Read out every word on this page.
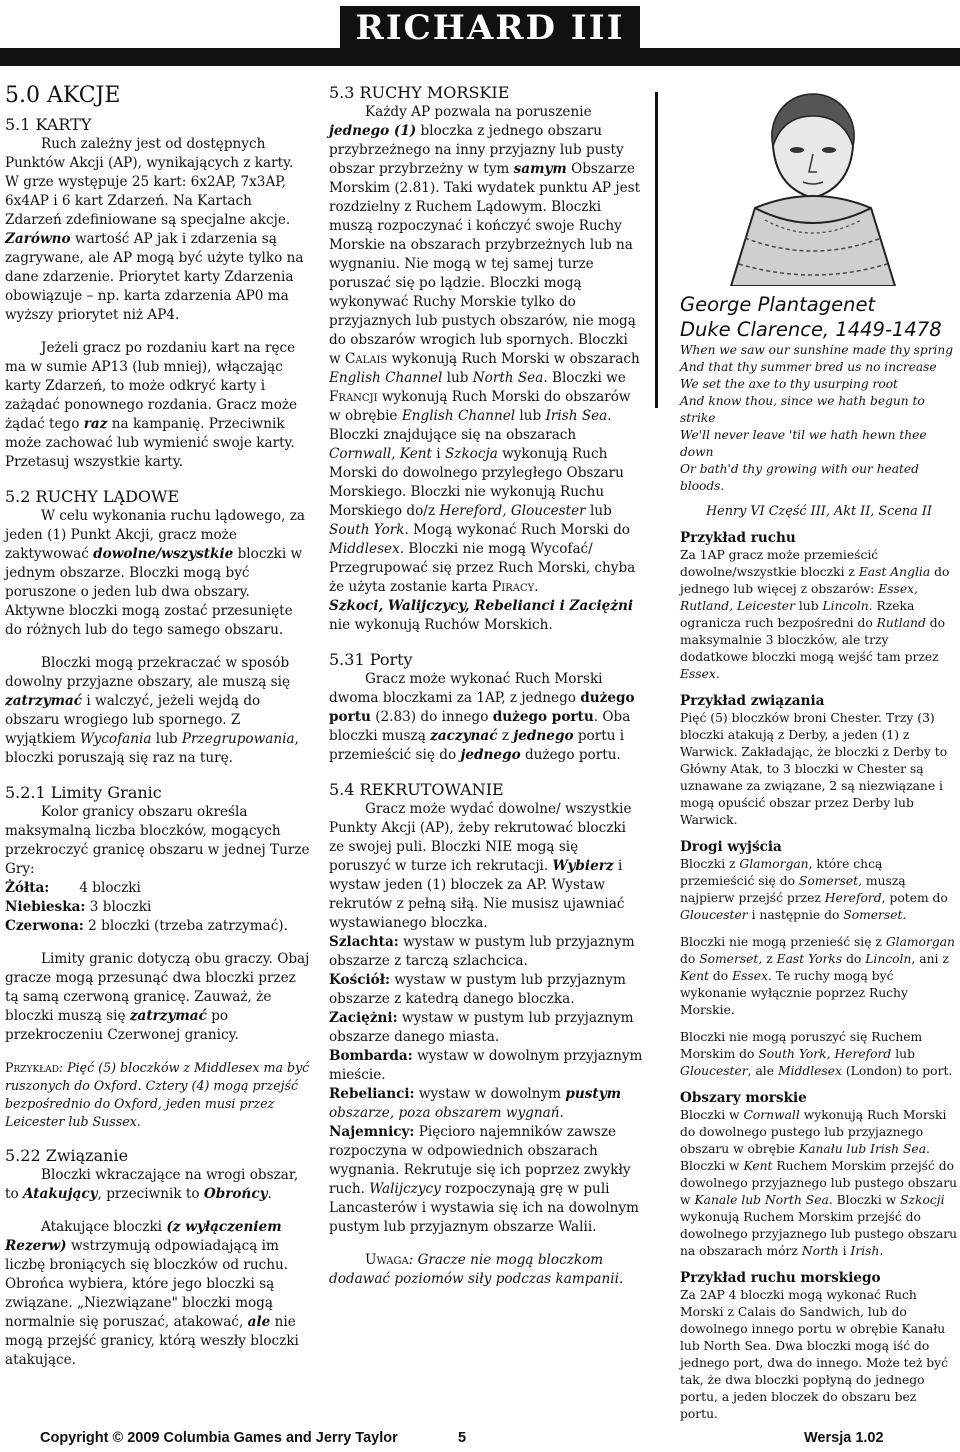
RICHARD III
5.0 AKCJE
5.1 KARTY

Ruch zależny jest od dostępnych Punktów Akcji (AP), wynikających z karty. W grze występuje 25 kart: 6x2AP, 7x3AP, 6x4AP i 6 kart Zdarzeń. Na Kartach Zdarzeń zdefiniowane są specjalne akcje. Zarówno wartość AP jak i zdarzenia są zagrywane, ale AP mogą być użyte tylko na dane zdarzenie. Priorytet karty Zdarzenia obowiązuje – np. karta zdarzenia AP0 ma wyższy priorytet niż AP4.

Jeżeli gracz po rozdaniu kart na ręce ma w sumie AP13 (lub mniej), włączając karty Zdarzeń, to może odkryć karty i zażądać ponownego rozdania. Gracz może żądać tego raz na kampanię. Przeciwnik może zachować lub wymienić swoje karty. Przetasuj wszystkie karty.

5.2 RUCHY LĄDOWE

W celu wykonania ruchu lądowego, za jeden (1) Punkt Akcji, gracz może zaktywować dowolne/wszystkie bloczki w jednym obszarze. Bloczki mogą być poruszone o jeden lub dwa obszary. Aktywne bloczki mogą zostać przesunięte do różnych lub do tego samego obszaru.

Bloczki mogą przekraczać w sposób dowolny przyjazne obszary, ale muszą się zatrzymać i walczyć, jeżeli wejdą do obszaru wrogiego lub spornego. Z wyjątkiem Wycofania lub Przegrupowania, bloczki poruszają się raz na turę.

5.2.1 Limity Granic

Kolor granicy obszaru określa maksymalną liczba bloczków, mogących przekroczyć granicę obszaru w jednej Turze Gry:

Żółta: 4 bloczki

Niebieska: 3 bloczki

Czerwona: 2 bloczki (trzeba zatrzymać).

Limity granic dotyczą obu graczy. Obaj gracze mogą przesunąć dwa bloczki przez tą samą czerwoną granicę. Zauważ, że bloczki muszą się zatrzymać po przekroczeniu Czerwonej granicy.

Przykład: Pięć (5) bloczków z Middlesex ma być ruszonych do Oxford. Cztery (4) mogą przejść bezpośrednio do Oxford, jeden musi przez Leicester lub Sussex.

5.22 Związanie

Bloczki wkraczające na wrogi obszar, to Atakujący, przeciwnik to Obrońcy.

Atakujące bloczki (z wyłączeniem Rezerw) wstrzymują odpowiadającą im liczbę broniących się bloczków od ruchu. Obrońca wybiera, które jego bloczki są związane. „Niezwiązane" bloczki mogą normalnie się poruszać, atakować, ale nie mogą przejść granicy, którą weszły bloczki atakujące.

5.3 RUCHY MORSKIE

Każdy AP pozwala na poruszenie jednego (1) bloczka z jednego obszaru przybrzeżnego na inny przyjazny lub pusty obszar przybrzeżny w tym samym Obszarze Morskim (2.81). Taki wydatek punktu AP jest rozdzielny z Ruchem Lądowym. Bloczki muszą rozpoczynać i kończyć swoje Ruchy Morskie na obszarach przybrzeżnych lub na wygnaniu. Nie mogą w tej samej turze poruszać się po lądzie. Bloczki mogą wykonywać Ruchy Morskie tylko do przyjaznych lub pustych obszarów, nie mogą do obszarów wrogich lub spornych. Bloczki w Calais wykonują Ruch Morski w obszarach English Channel lub North Sea. Bloczki we Francji wykonują Ruch Morski do obszarów w obrębie English Channel lub Irish Sea. Bloczki znajdujące się na obszarach Cornwall, Kent i Szkocja wykonują Ruch Morski do dowolnego przyległego Obszaru Morskiego. Bloczki nie wykonują Ruchu Morskiego do/z Hereford, Gloucester lub South York. Mogą wykonać Ruch Morski do Middlesex. Bloczki nie mogą Wycofać/ Przegrupować się przez Ruch Morski, chyba że użyta zostanie karta Piracy.

Szkoci, Walijczycy, Rebelianci i Zaciężni nie wykonują Ruchów Morskich.

5.31 Porty

Gracz może wykonać Ruch Morski dwoma bloczkami za 1AP, z jednego dużego portu (2.83) do innego dużego portu. Oba bloczki muszą zaczynać z jednego portu i przemieścić się do jednego dużego portu.

5.4 REKRUTOWANIE

Gracz może wydać dowolne/ wszystkie Punkty Akcji (AP), żeby rekrutować bloczki ze swojej puli. Bloczki NIE mogą się poruszyć w turze ich rekrutacji. Wybierz i wystaw jeden (1) bloczek za AP. Wystaw rekrutów z pełną siłą. Nie musisz ujawniać wystawianego bloczka.

Szlachta: wystaw w pustym lub przyjaznym obszarze z tarczą szlachcica.

Kościół: wystaw w pustym lub przyjaznym obszarze z katedrą danego bloczka.

Zaciężni: wystaw w pustym lub przyjaznym obszarze danego miasta.

Bombarda: wystaw w dowolnym przyjaznym mieście.

Rebelianci: wystaw w dowolnym pustym obszarze, poza obszarem wygnań.

Najemnicy: Pięcioro najemników zawsze rozpoczyna w odpowiednich obszarach wygnania. Rekrutuje się ich poprzez zwykły ruch. Walijczycy rozpoczynają grę w puli Lancasterów i wystawia się ich na dowolnym pustym lub przyjaznym obszarze Walii.

Uwaga: Gracze nie mogą bloczkom dodawać poziomów siły podczas kampanii.

George Plantagenet
Duke Clarence, 1449-1478
When we saw our sunshine made thy spring
And that thy summer bred us no increase
We set the axe to thy usurping root
And know thou, since we hath begun to strike
We'll never leave 'til we hath hewn thee down
Or bath'd thy growing with our heated bloods.
Henry VI Część III, Akt II, Scena II
Przykład ruchu

Za 1AP gracz może przemieścić dowolne/wszystkie bloczki z East Anglia do jednego lub więcej z obszarów: Essex, Rutland, Leicester lub Lincoln. Rzeka ogranicza ruch bezpośredni do Rutland do maksymalnie 3 bloczków, ale trzy dodatkowe bloczki mogą wejść tam przez Essex.

Przykład związania

Pięć (5) bloczków broni Chester. Trzy (3) bloczki atakują z Derby, a jeden (1) z Warwick. Zakładając, że bloczki z Derby to Główny Atak, to 3 bloczki w Chester są uznawane za związane, 2 są niezwiązane i mogą opuścić obszar przez Derby lub Warwick.

Drogi wyjścia

Bloczki z Glamorgan, które chcą przemieścić się do Somerset, muszą najpierw przejść przez Hereford, potem do Gloucester i następnie do Somerset.

Bloczki nie mogą przenieść się z Glamorgan do Somerset, z East Yorks do Lincoln, ani z Kent do Essex. Te ruchy mogą być wykonanie wyłącznie poprzez Ruchy Morskie.

Bloczki nie mogą poruszyć się Ruchem Morskim do South York, Hereford lub Gloucester, ale Middlesex (London) to port.

Obszary morskie

Bloczki w Cornwall wykonują Ruch Morski do dowolnego pustego lub przyjaznego obszaru w obrębie Kanału lub Irish Sea. Bloczki w Kent Ruchem Morskim przejść do dowolnego przyjaznego lub pustego obszaru w Kanale lub North Sea. Bloczki w Szkocji wykonują Ruchem Morskim przejść do dowolnego przyjaznego lub pustego obszaru na obszarach mórz North i Irish.

Przykład ruchu morskiego

Za 2AP 4 bloczki mogą wykonać Ruch Morski z Calais do Sandwich, lub do dowolnego innego portu w obrębie Kanału lub North Sea. Dwa bloczki mogą iść do jednego port, dwa do innego. Może też być tak, że dwa bloczki popłyną do jednego portu, a jeden bloczek do obszaru bez portu.

Copyright © 2009 Columbia Games and Jerry Taylor	5	Wersja 1.02
